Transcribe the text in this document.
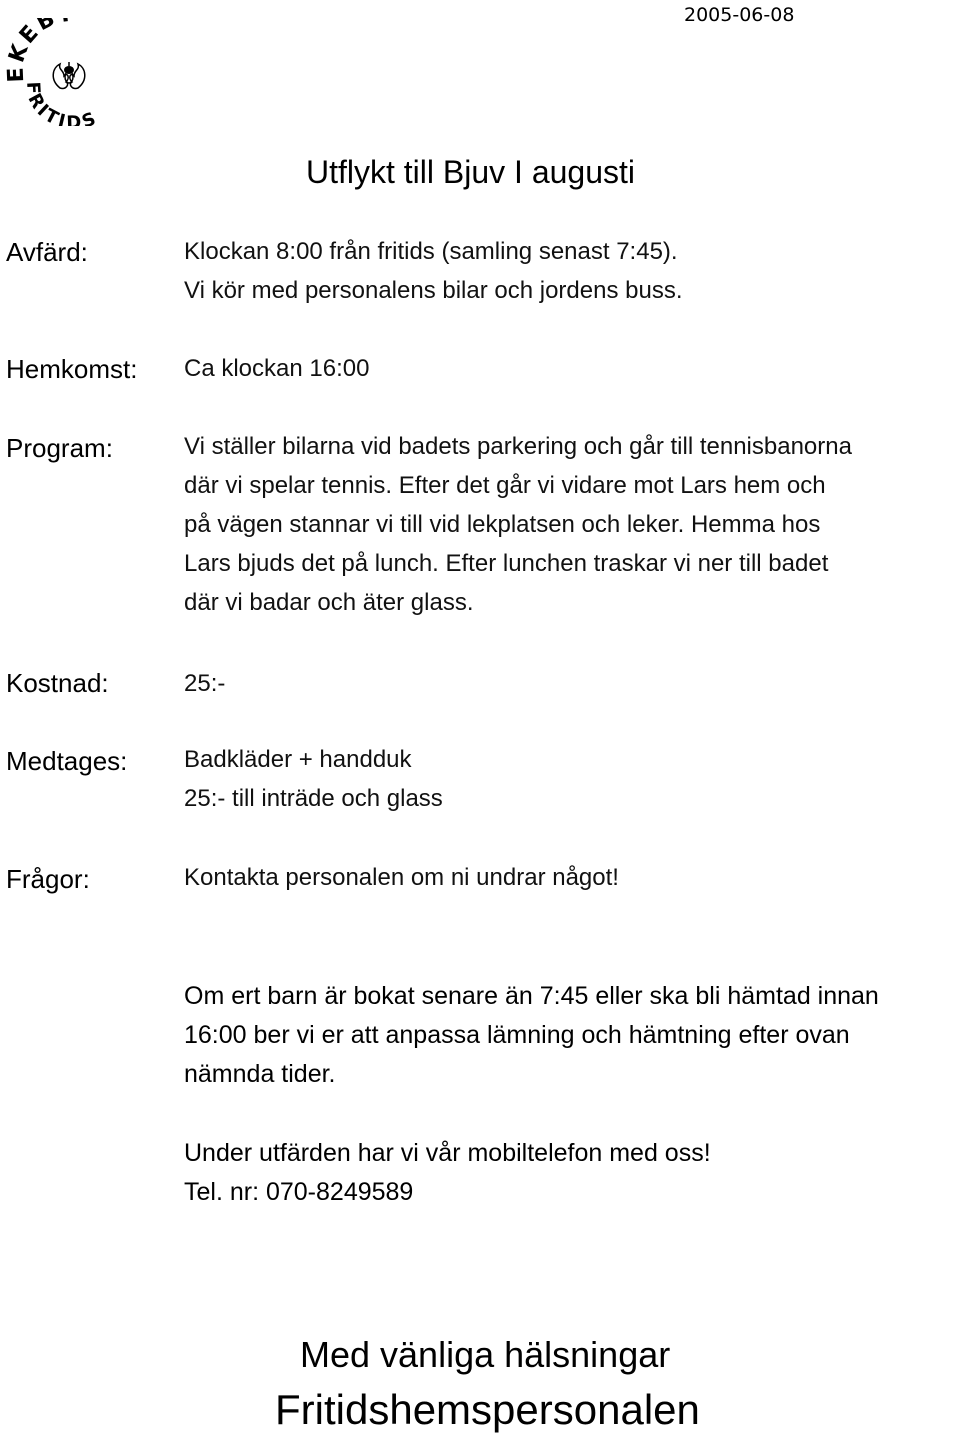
2005-06-08
EKEB
FRITIDS
Utflykt till Bjuv I augusti
Avfärd:	Klockan 8:00 från fritids (samling senast 7:45).
Vi kör med personalens bilar och jordens buss.
Hemkomst: Ca klockan 16:00
Program:	Vi ställer bilarna vid badets parkering och går till tennisbanorna
där vi spelar tennis. Efter det går vi vidare mot Lars hem och
på vägen stannar vi till vid lekplatsen och leker. Hemma hos
Lars bjuds det på lunch. Efter lunchen traskar vi ner till badet
där vi badar och äter glass.
Kostnad:	25:-
Medtages: Badkläder + handduk
25:- till inträde och glass
Frågor:	Kontakta personalen om ni undrar något!
Om ert barn är bokat senare än 7:45 eller ska bli hämtad innan
16:00 ber vi er att anpassa lämning och hämtning efter ovan
nämnda tider.
Under utfärden har vi vår mobiltelefon med oss!
Tel. nr: 070-8249589
Med vänliga hälsningar
Fritidshemspersonalen
